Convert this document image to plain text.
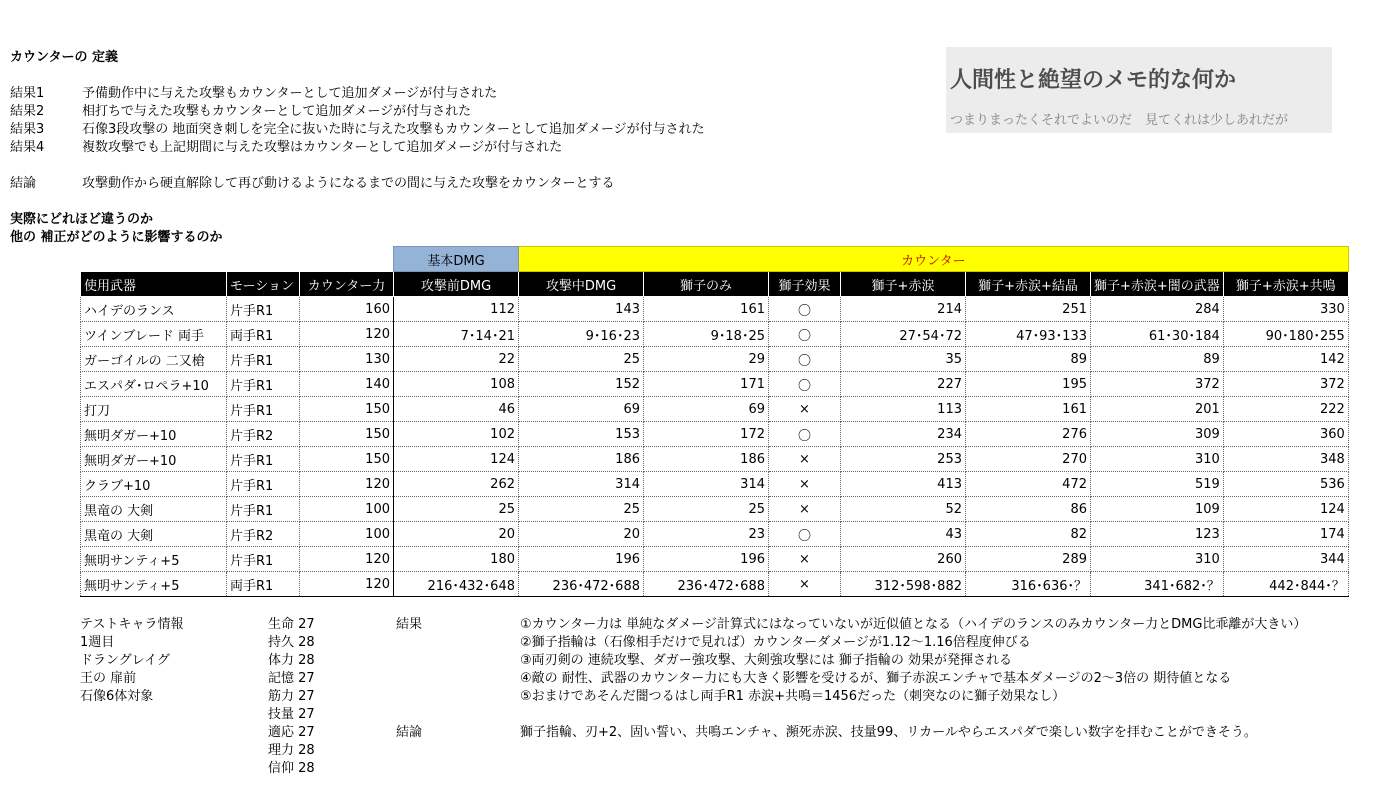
カウンターの 定義
結果1	予備動作中に与えた攻撃もカウンターとして追加ダメージが付与された
結果2	相打ちで与えた攻撃もカウンターとして追加ダメージが付与された
結果3	石像3段攻撃の 地面突き刺しを完全に抜いた時に与えた攻撃もカウンターとして追加ダメージが付与された
結果4	複数攻撃でも上記期間に与えた攻撃はカウンターとして追加ダメージが付与された
結論	攻撃動作から硬直解除して再び動けるようになるまでの間に与えた攻撃をカウンターとする
実際にどれほど違うのか
他の 補正がどのように影響するのか
人間性と絶望のメモ的な何か
つまりまったくそれでよいのだ　見てくれは少しあれだが
			基本DMG	カウンター						
使用武器	モーション	カウンター力	攻撃前DMG	攻撃中DMG	獅子のみ	獅子効果	獅子+赤涙	獅子+赤涙+結晶	獅子+赤涙+闇の武器	獅子+赤涙+共鳴
ハイデのランス	片手R1	160	112	143	161	〇	214	251	284	330
ツインブレード 両手	両手R1	120	7･14･21	9･16･23	9･18･25	〇	27･54･72	47･93･133	61･30･184	90･180･255
ガーゴイルの 二又槍	片手R1	130	22	25	29	〇	35	89	89	142
エスパダ･ロペラ+10	片手R1	140	108	152	171	〇	227	195	372	372
打刀	片手R1	150	46	69	69	×	113	161	201	222
無明ダガー+10	片手R2	150	102	153	172	〇	234	276	309	360
無明ダガー+10	片手R1	150	124	186	186	×	253	270	310	348
クラブ+10	片手R1	120	262	314	314	×	413	472	519	536
黒竜の 大剣	片手R1	100	25	25	25	×	52	86	109	124
黒竜の 大剣	片手R2	100	20	20	23	〇	43	82	123	174
無明サンティ+5	片手R1	120	180	196	196	×	260	289	310	344
無明サンティ+5	両手R1	120	216･432･648	236･472･688	236･472･688	×	312･598･882	316･636･？	341･682･？	442･844･？
テストキャラ情報
1週目
ドラングレイグ
王の 扉前
石像6体対象
生命 27
持久 28
体力 28
記憶 27
筋力 27
技量 27
適応 27
理力 28
信仰 28
結果	①カウンター力は 単純なダメージ計算式にはなっていないが近似値となる（ハイデのランスのみカウンター力とDMG比乖離が大きい）
②獅子指輪は（石像相手だけで見れば）カウンターダメージが1.12～1.16倍程度伸びる
③両刃剣の 連続攻撃、ダガー強攻撃、大剣強攻撃には 獅子指輪の 効果が発揮される
④敵の 耐性、武器のカウンター力にも大きく影響を受けるが、獅子赤涙エンチャで基本ダメージの2～3倍の 期待値となる
⑤おまけであそんだ闇つるはし両手R1 赤涙+共鳴＝1456だった（刺突なのに獅子効果なし）
結論	獅子指輪、刃+2、固い誓い、共鳴エンチャ、瀕死赤涙、技量99、リカールやらエスパダで楽しい数字を拝むことができそう。
